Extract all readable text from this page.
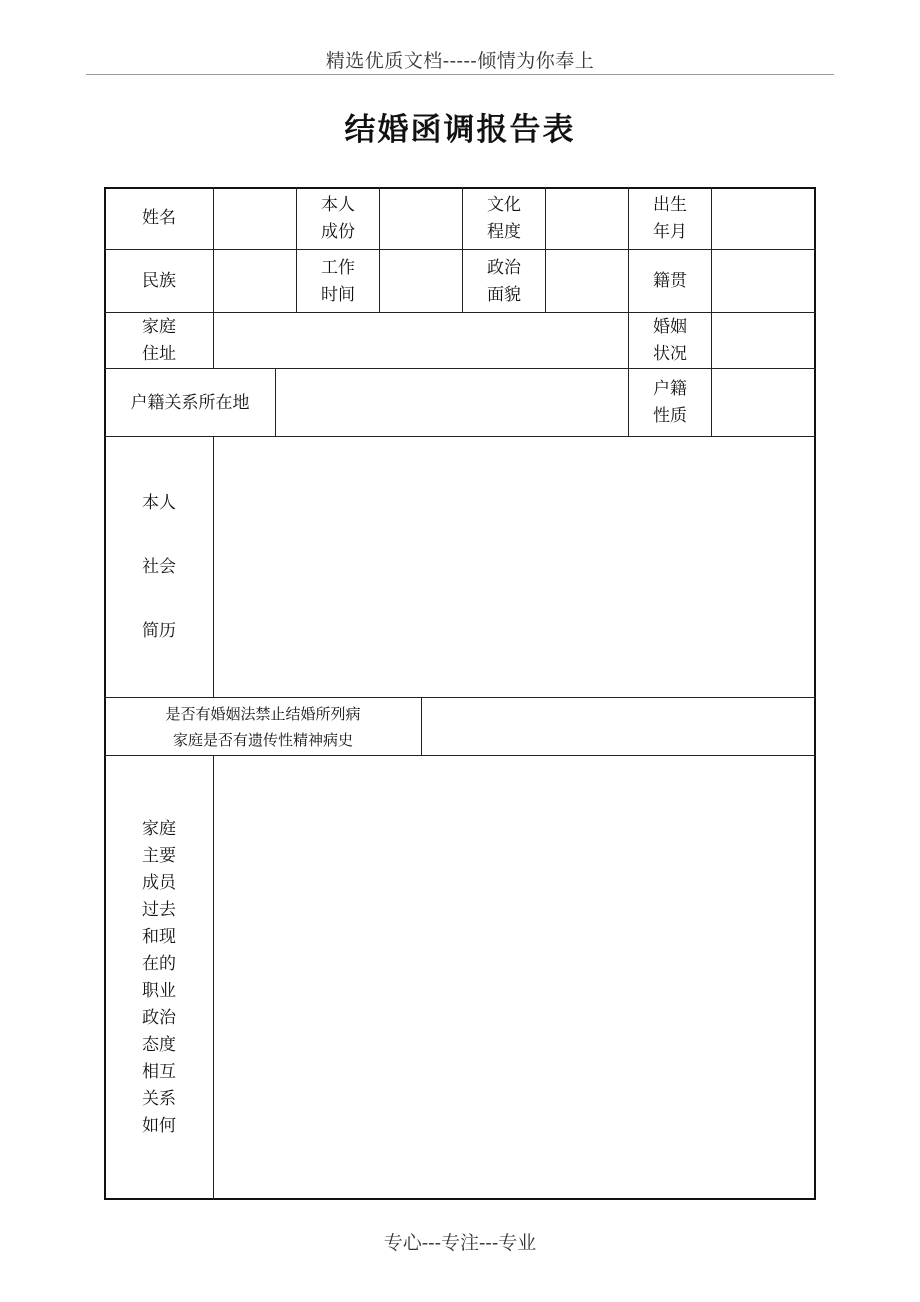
精选优质文档-----倾情为你奉上
结婚函调报告表
姓名
本人
成份
文化
程度
出生
年月
民族
工作
时间
政治
面貌
籍贯
家庭
住址
婚姻
状况
户籍关系所在地
户籍
性质
本人
社会
简历
是否有婚姻法禁止结婚所列病
家庭是否有遗传性精神病史
家庭
主要
成员
过去
和现
在的
职业
政治
态度
相互
关系
如何
专心---专注---专业
